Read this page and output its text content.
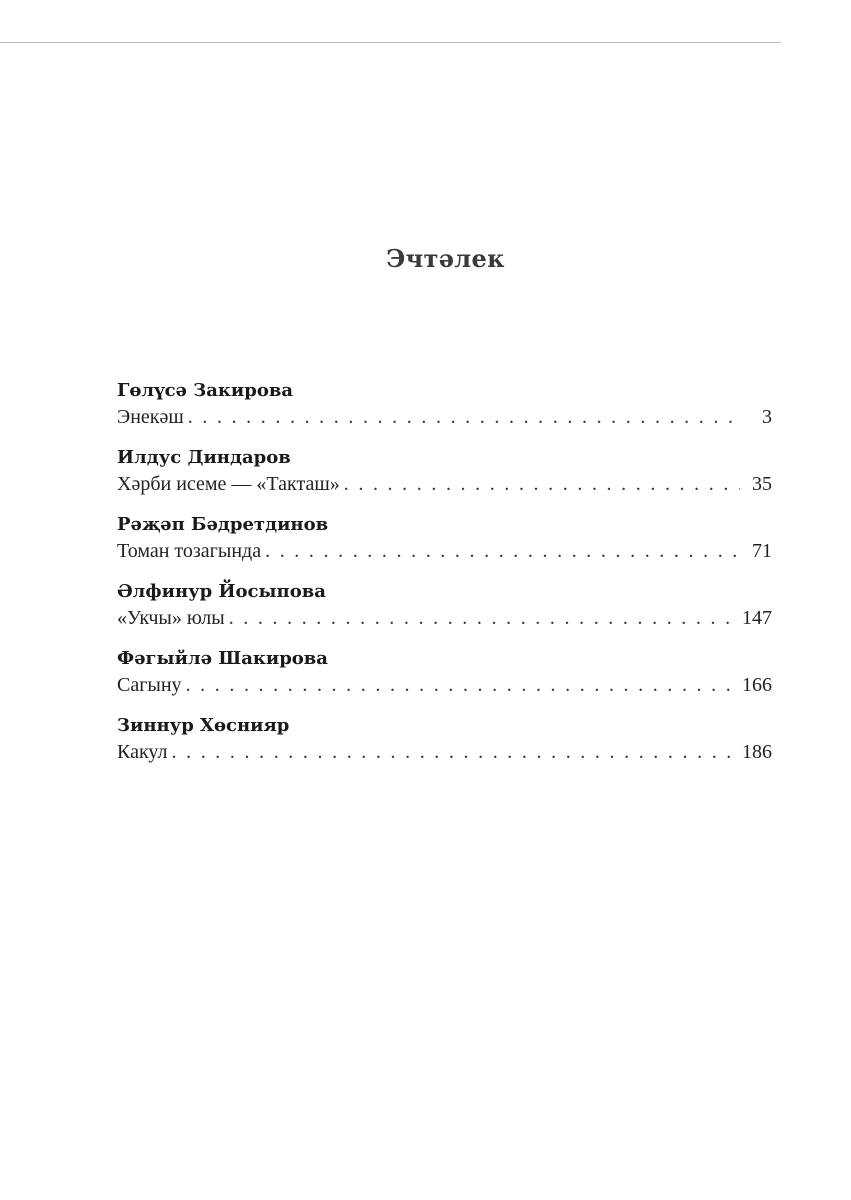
Эчтәлек
Гөлүсә Закирова
Энекәш . . .	3
Илдус Диндаров
Хәрби исеме — «Такташ» . . .	35
Рәҗәп Бәдретдинов
Томан тозагында . . .	71
Әлфинур Йосыпова
«Укчы» юлы . . .	147
Фәгыйлә Шакирова
Сагыну . . .	166
Зиннур Хөснияр
Какул . . .	186
